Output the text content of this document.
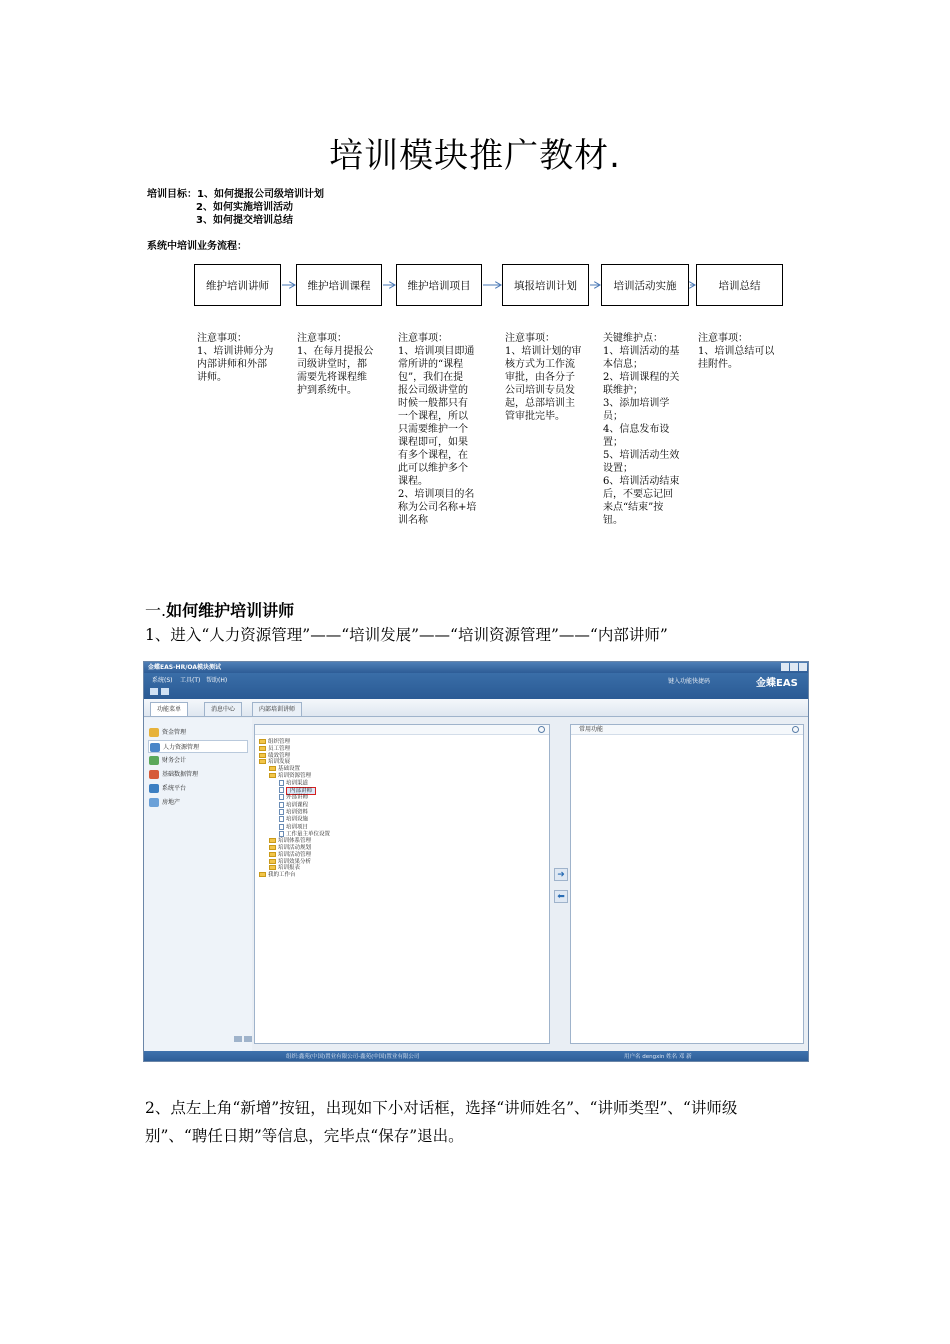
培训模块推广教材.
培训目标：1、如何提报公司级培训计划
2、如何实施培训活动
3、如何提交培训总结
系统中培训业务流程：
维护培训讲师	维护培训课程	维护培训项目	填报培训计划	培训活动实施	培训总结
注意事项：
1、培训讲师分为
内部讲师和外部
讲师。
注意事项：
1、在每月提报公
司级讲堂时，都
需要先将课程维
护到系统中。
注意事项：
1、培训项目即通
常所讲的“课程
包”，我们在提
报公司级讲堂的
时候一般都只有
一个课程，所以
只需要维护一个
课程即可，如果
有多个课程，在
此可以维护多个
课程。
2、培训项目的名
称为公司名称+培
训名称
注意事项：
1、培训计划的审
核方式为工作流
审批，由各分子
公司培训专员发
起，总部培训主
管审批完毕。
关键维护点：
1、培训活动的基
本信息；
2、培训课程的关
联维护；
3、添加培训学
员；
4、信息发布设
置；
5、培训活动生效
设置；
6、培训活动结束
后，不要忘记回
来点“结束”按
钮。
注意事项：
1、培训总结可以
挂附件。
一.如何维护培训讲师
1、进入“人力资源管理”——“培训发展”——“培训资源管理”——“内部讲师”
金蝶EAS-HR/OA模块测试
系统(S) 工具(T) 帮助(H)	键入功能快捷码	金蝶EAS
功能菜单	消息中心	内部培训讲师
资金管理
人力资源管理
财务会计
基础数据管理
系统平台
房地产
组织管理
员工管理
绩效管理
培训发展
基础设置
培训资源管理
培训渠道
内部讲师
外部讲师
培训课程
培训资料
培训设施
培训项目
工作量主单位设置
培训体系管理
培训活动规划
培训活动管理
培训效果分析
培训报表
我的工作台	➜
⬅
常用功能
组织:鑫苑(中国)置业有限公司-鑫苑(中国)置业有限公司	用户名 dengxin 姓名 邓 新
2、点左上角“新增”按钮，出现如下小对话框，选择“讲师姓名”、“讲师类型”、“讲师级
别”、“聘任日期”等信息，完毕点“保存”退出。
